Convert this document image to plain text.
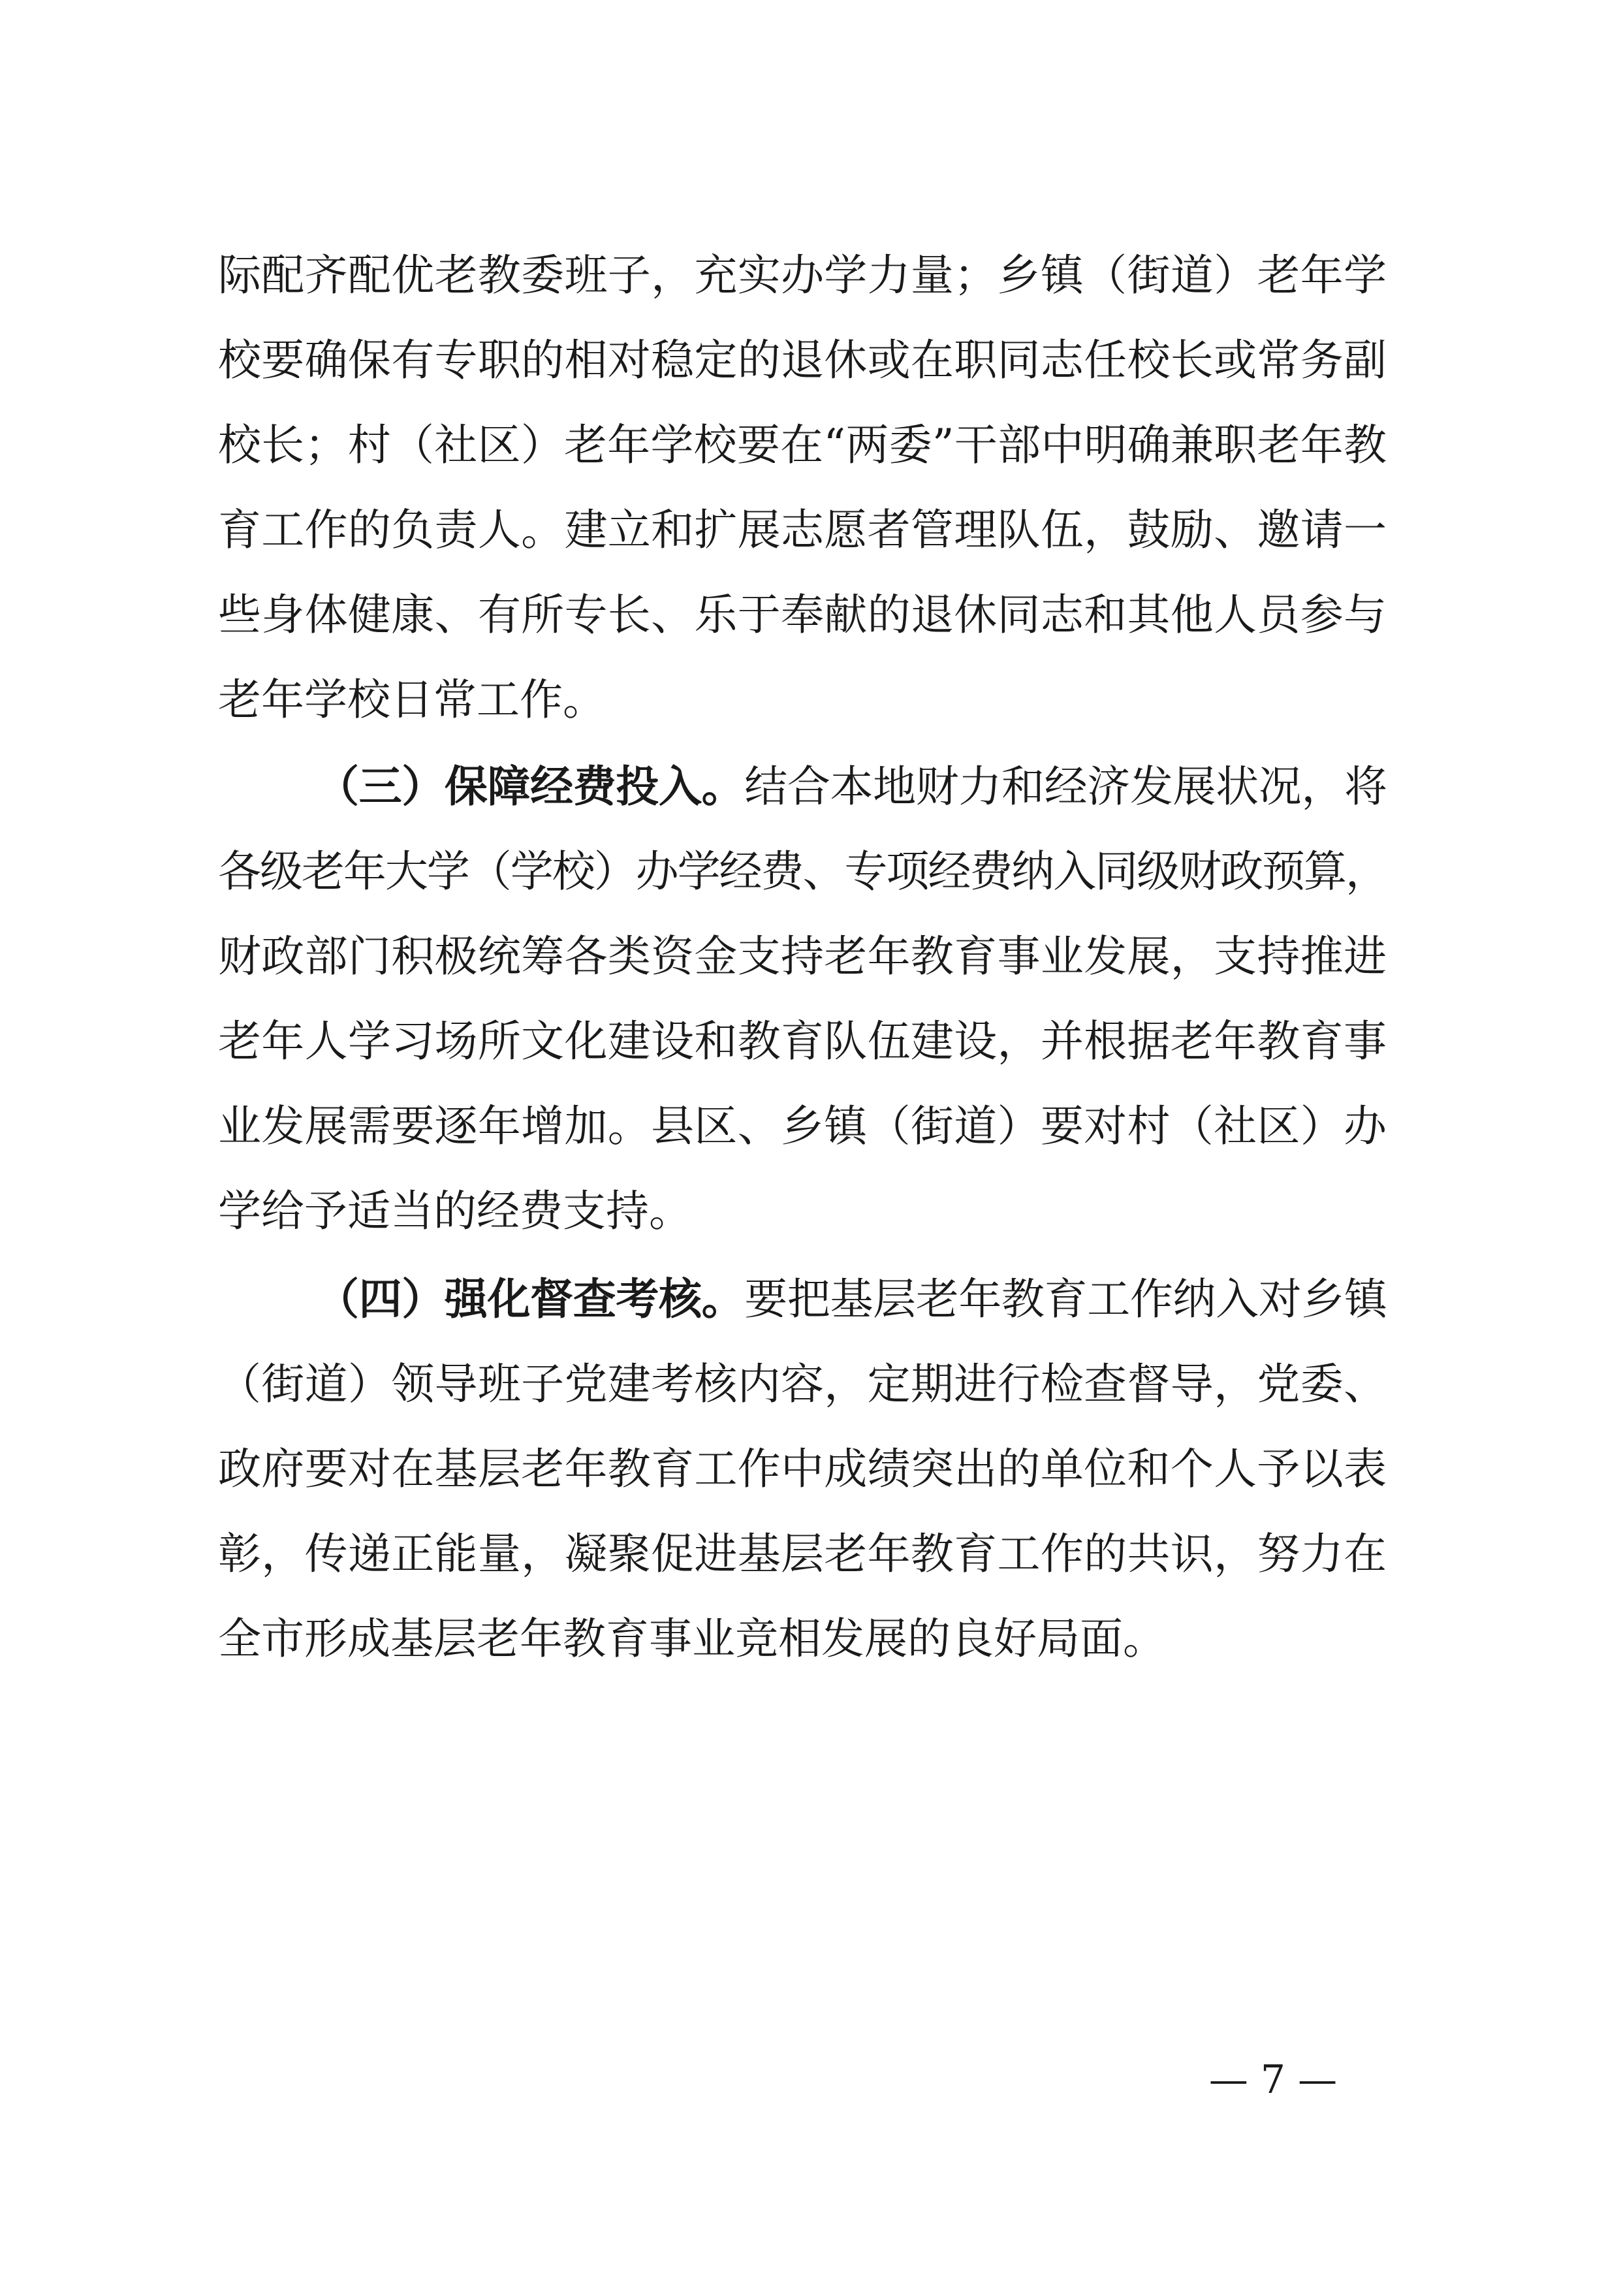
际配齐配优老教委班子，充实办学力量；乡镇（街道）老年学
校要确保有专职的相对稳定的退休或在职同志任校长或常务副
校长；村（社区）老年学校要在“两委”干部中明确兼职老年教
育工作的负责人。建立和扩展志愿者管理队伍，鼓励、邀请一
些身体健康、有所专长、乐于奉献的退休同志和其他人员参与
老年学校日常工作。
（三）保障经费投入。结合本地财力和经济发展状况，将
各级老年大学（学校）办学经费、专项经费纳入同级财政预算，
财政部门积极统筹各类资金支持老年教育事业发展，支持推进
老年人学习场所文化建设和教育队伍建设，并根据老年教育事
业发展需要逐年增加。县区、乡镇（街道）要对村（社区）办
学给予适当的经费支持。
（四）强化督查考核。要把基层老年教育工作纳入对乡镇
（街道）领导班子党建考核内容，定期进行检查督导，党委、
政府要对在基层老年教育工作中成绩突出的单位和个人予以表
彰，传递正能量，凝聚促进基层老年教育工作的共识，努力在
全市形成基层老年教育事业竞相发展的良好局面。
— 7 —
